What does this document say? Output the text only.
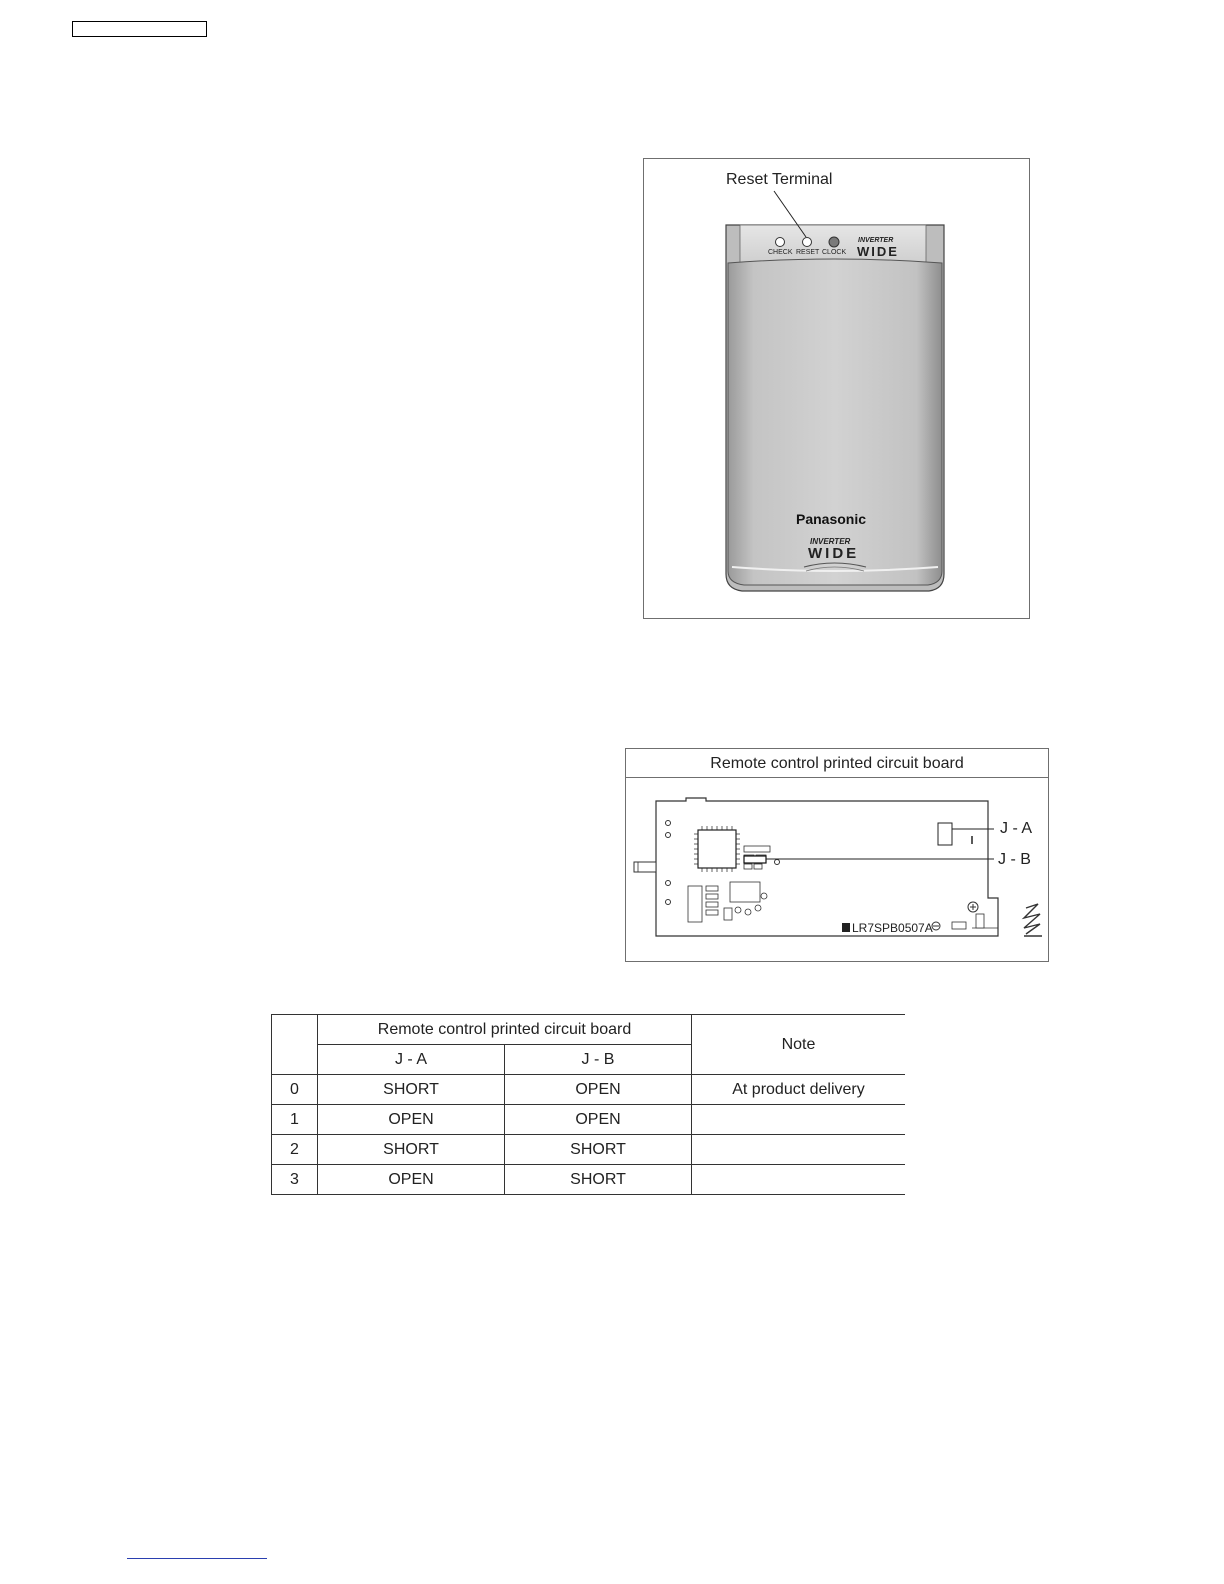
Reset Terminal
CHECK RESET CLOCK
INVERTER
WIDE
Panasonic
INVERTER
WIDE
Remote control printed circuit board
J - A
J - B
LR7SPB0507A
	Remote control printed circuit board		Note
	J - A	J - B	
0	SHORT	OPEN	At product delivery
1	OPEN	OPEN	
2	SHORT	SHORT	
3	OPEN	SHORT	
